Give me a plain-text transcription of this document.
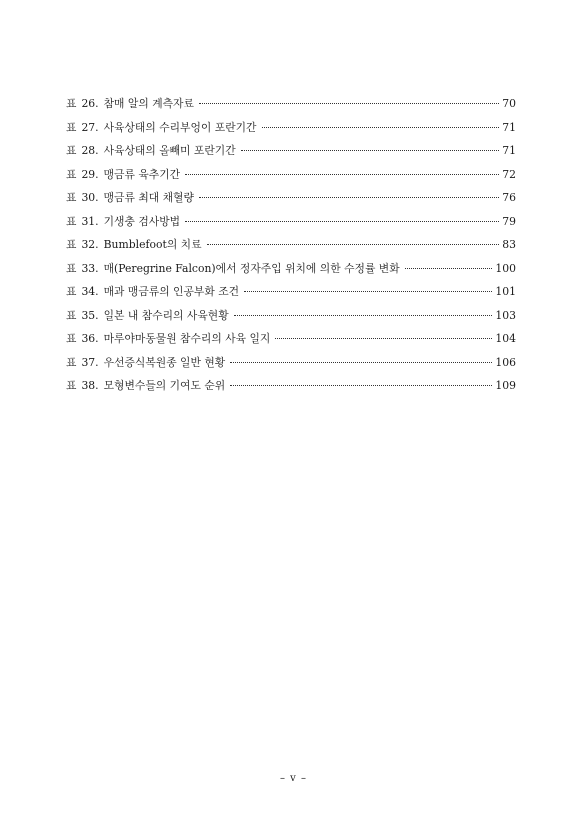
표 26. 참매 알의 계측자료	70
표 27. 사육상태의 수리부엉이 포란기간	71
표 28. 사육상태의 올빼미 포란기간	71
표 29. 맹금류 육추기간	72
표 30. 맹금류 최대 채혈량	76
표 31. 기생충 검사방법	79
표 32. Bumblefoot의 치료	83
표 33. 매(Peregrine Falcon)에서 정자주입 위치에 의한 수정률 변화	100
표 34. 매과 맹금류의 인공부화 조건	101
표 35. 일본 내 참수리의 사육현황	103
표 36. 마루야마동물원 참수리의 사육 일지	104
표 37. 우선증식복원종 일반 현황	106
표 38. 모형변수들의 기여도 순위	109
– v –
